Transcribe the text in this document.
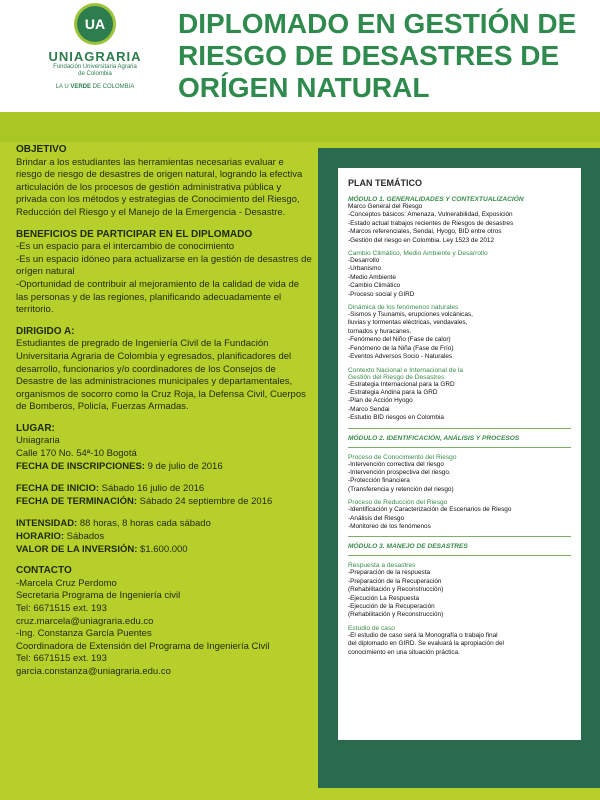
UA
UNIAGRARIA
Fundación Universitaria Agraria
de Colombia
LA U VERDE DE COLOMBIA
DIPLOMADO EN GESTIÓN DE
RIESGO DE DESASTRES DE
ORÍGEN NATURAL
OBJETIVO

Brindar a los estudiantes las herramientas necesarias evaluar e riesgo de riesgo de desastres de origen natural, logrando la efectiva articulación de los procesos de gestión administrativa pública y privada con los métodos y estrategias de Conocimiento del Riesgo, Reducción del Riesgo y el Manejo de la Emergencia - Desastre.

BENEFICIOS DE PARTICIPAR EN EL DIPLOMADO

-Es un espacio para el intercambio de conocimiento

-Es un espacio idóneo para actualizarse en la gestión de desastres de orígen natural

-Oportunidad de contribuir al mejoramiento de la calidad de vida de las personas y de las regiones, planificando adecuadamente el territorio.

DIRIGIDO A:

Estudiantes de pregrado de Ingeniería Civil de la Fundación Universitaria Agraria de Colombia y egresados, planificadores del desarrollo, funcionarios y/o coordinadores de los Consejos de Desastre de las administraciones municipales y departamentales, organismos de socorro como la Cruz Roja, la Defensa Civil, Cuerpos de Bomberos, Policía, Fuerzas Armadas.

LUGAR:

Uniagraria

Calle 170 No. 54ª-10 Bogotá

FECHA DE INSCRIPCIONES: 9 de julio de 2016

FECHA DE INICIO: Sábado 16 julio de 2016

FECHA DE TERMINACIÓN: Sábado 24 septiembre de 2016

INTENSIDAD: 88 horas, 8 horas cada sábado

HORARIO: Sábados

VALOR DE LA INVERSIÓN: $1.600.000

CONTACTO

-Marcela Cruz Perdomo

Secretaria Programa de Ingeniería civil

Tel: 6671515 ext. 193

cruz.marcela@uniagraria.edu.co

-Ing. Constanza García Puentes

Coordinadora de Extensión del Programa de Ingeniería Civil

Tel: 6671515 ext. 193

garcia.constanza@uniagraria.edu.co

PLAN TEMÁTICO
MÓDULO 1. GENERALIDADES Y CONTEXTUALIZACIÓN
Marco General del Riesgo
-Conceptos básicos: Amenaza, Vulnerabilidad, Exposición
-Estado actual trabajos recientes de Riesgos de desastres
-Marcos referenciales, Sendai, Hyogo, BID entre otros
-Gestión del riesgo en Colombia. Ley 1523 de 2012
Cambio Climático, Medio Ambiente y Desarrollo
-Desarrollo
-Urbanismo
-Medio Ambiente
-Cambio Climático
-Proceso social y GIRD
Dinámica de los fenómenos naturales
-Sismos y Tsunamis, erupciones volcánicas,
lluvias y tormentas eléctricas, vendavales,
tornados y huracanes.
-Fenómeno del Niño (Fase de calor)
-Fenómeno de la Niña (Fase de Frío)
-Eventos Adversos Socio - Naturales
Contexto Nacional e Internacional de la
Gestión del Riesgo de Desastres
-Estrategia Internacional para la GRD
-Estrategia Andina para la GRD
-Plan de Acción Hyogo
-Marco Sendai
-Estudio BID riesgos en Colombia
MÓDULO 2. IDENTIFICACIÓN, ANÁLISIS Y PROCESOS
Proceso de Conocimiento del Riesgo
-Intervención correctiva del riesgo
-Intervención prospectiva del riesgo.
-Protección financiera
(Transferencia y retención del riesgo)
Proceso de Reducción del Riesgo
-Identificación y Caracterización de Escenarios de Riesgo
-Análisis del Riesgo
-Monitoreo de los fenómenos
MÓDULO 3. MANEJO DE DESASTRES
Respuesta a desastres
-Preparación de la respuesta
-Preparación de la Recuperación
(Rehabilitación y Reconstrucción)
-Ejecución La Respuesta
-Ejecución de la Recuperación
(Rehabilitación y Reconstrucción)
Estudio de caso
-El estudio de caso será la Monografía o trabajo final
del diplomado en GIRD. Se evaluará la apropiación del
conocimiento en una situación práctica.
